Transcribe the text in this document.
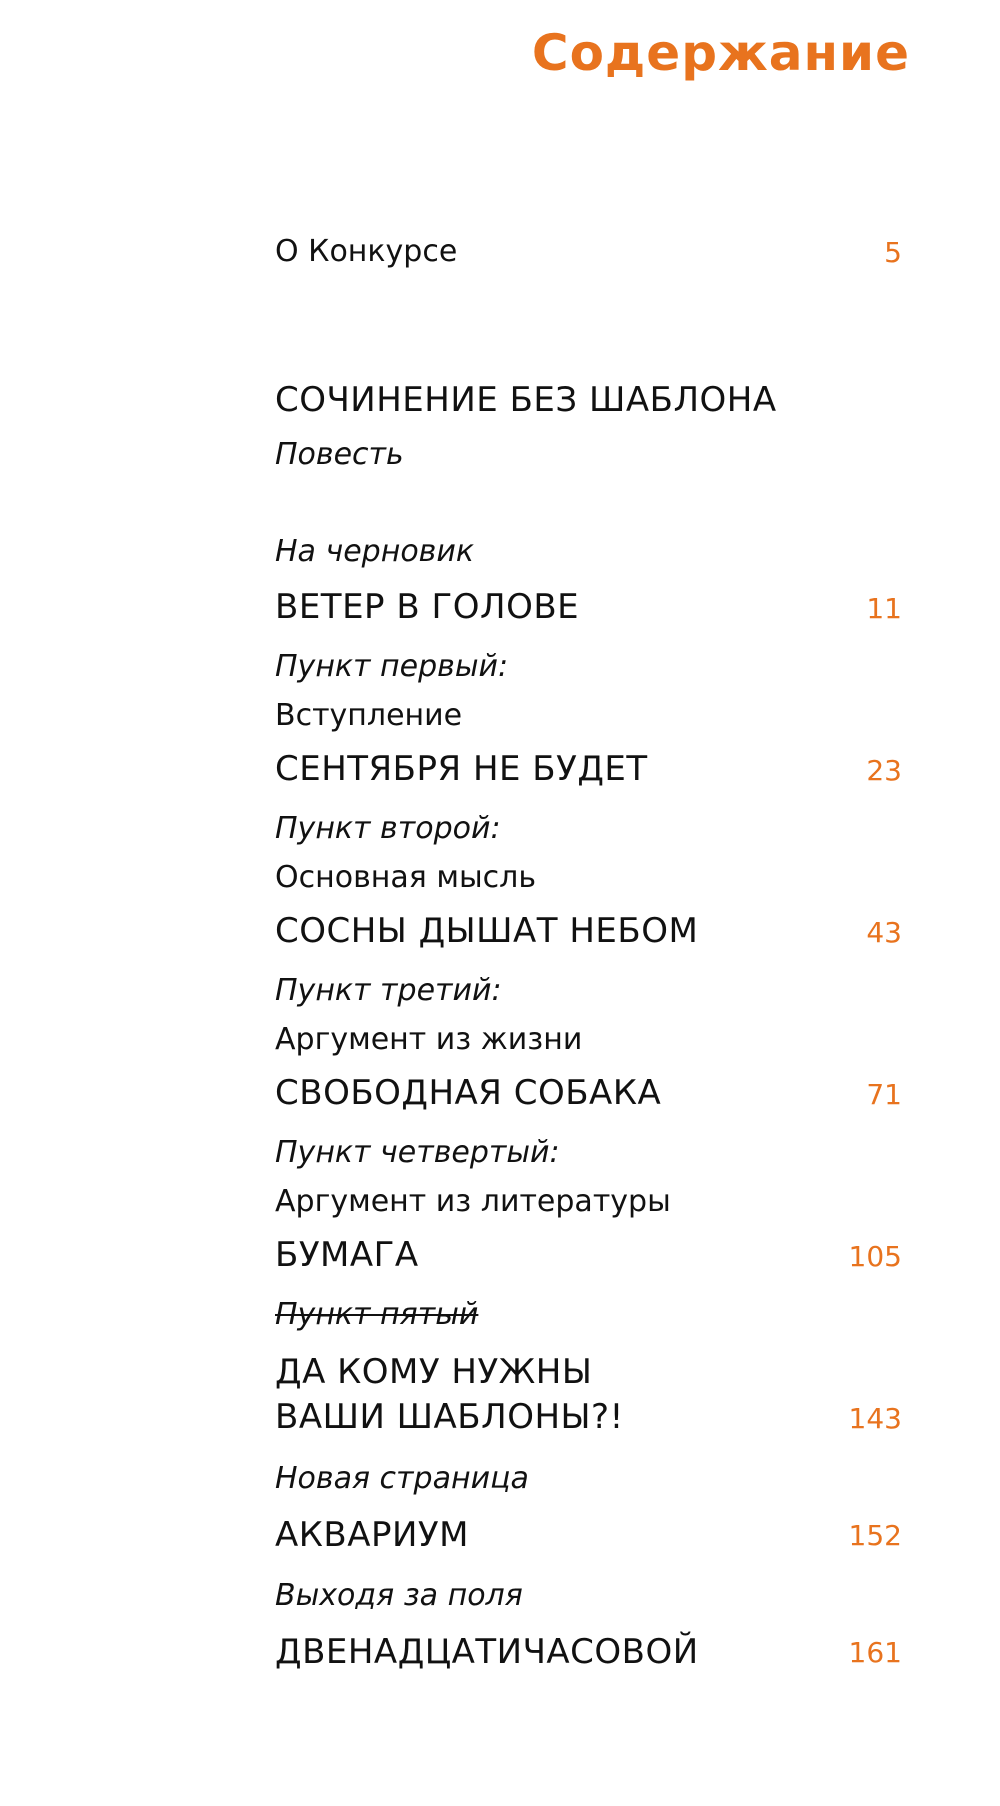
Содержание
О Конкурсе	5
СОЧИНЕНИЕ БЕЗ ШАБЛОНА
Повесть
На черновик
ВЕТЕР В ГОЛОВЕ	11
Пункт первый:
Вступление
СЕНТЯБРЯ НЕ БУДЕТ	23
Пункт второй:
Основная мысль
СОСНЫ ДЫШАТ НЕБОМ	43
Пункт третий:
Аргумент из жизни
СВОБОДНАЯ СОБАКА	71
Пункт четвертый:
Аргумент из литературы
БУМАГА	105
Пункт пятый
ДА КОМУ НУЖНЫ
ВАШИ ШАБЛОНЫ?!	143
Новая страница
АКВАРИУМ	152
Выходя за поля
ДВЕНАДЦАТИЧАСОВОЙ	161
